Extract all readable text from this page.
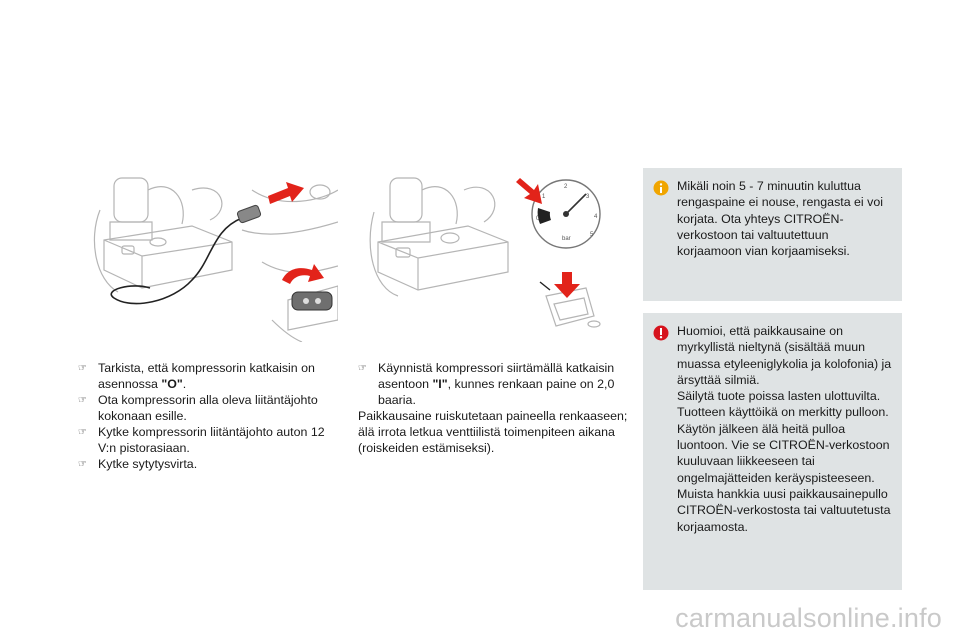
0
1
2
3
4
5
bar
☞ Tarkista, että kompressorin katkaisin on asennossa "O".
☞ Ota kompressorin alla oleva liitäntäjohto kokonaan esille.
☞ Kytke kompressorin liitäntäjohto auton 12 V:n pistorasiaan.
☞ Kytke sytytysvirta.
☞ Käynnistä kompressori siirtämällä katkaisin asentoon "I", kunnes renkaan paine on 2,0 baaria.

Paikkausaine ruiskutetaan paineella renkaaseen; älä irrota letkua venttiilistä toimenpiteen aikana (roiskeiden estämiseksi).

Mikäli noin 5 - 7 minuutin kuluttua rengaspaine ei nouse, rengasta ei voi korjata. Ota yhteys CITROËN-verkostoon tai valtuutettuun korjaamoon vian korjaamiseksi.

Huomioi, että paikkausaine on myrkyllistä nieltynä (sisältää muun muassa etyleeniglykolia ja kolofonia) ja ärsyttää silmiä.

Säilytä tuote poissa lasten ulottuvilta.

Tuotteen käyttöikä on merkitty pulloon.

Käytön jälkeen älä heitä pulloa luontoon. Vie se CITROËN-verkostoon kuuluvaan liikkeeseen tai ongelmajätteiden keräyspisteeseen.

Muista hankkia uusi paikkausainepullo CITROËN-verkostosta tai valtuutetusta korjaamosta.

carmanualsonline.info
